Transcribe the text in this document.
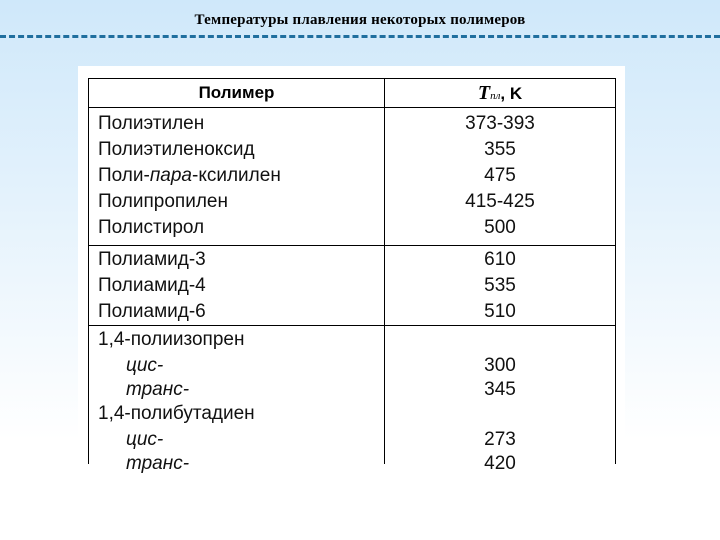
Температуры плавления некоторых полимеров
Полимер	Tпл, K
Полиэтилен	373-393
Полиэтиленоксид	355
Поли-пара-ксилилен	475
Полипропилен	415-425
Полистирол	500
Полиамид-3	610
Полиамид-4	535
Полиамид-6	510
1,4-полиизопрен
цис-	300
транс-	345
1,4-полибутадиен
цис-	273
транс-	420
